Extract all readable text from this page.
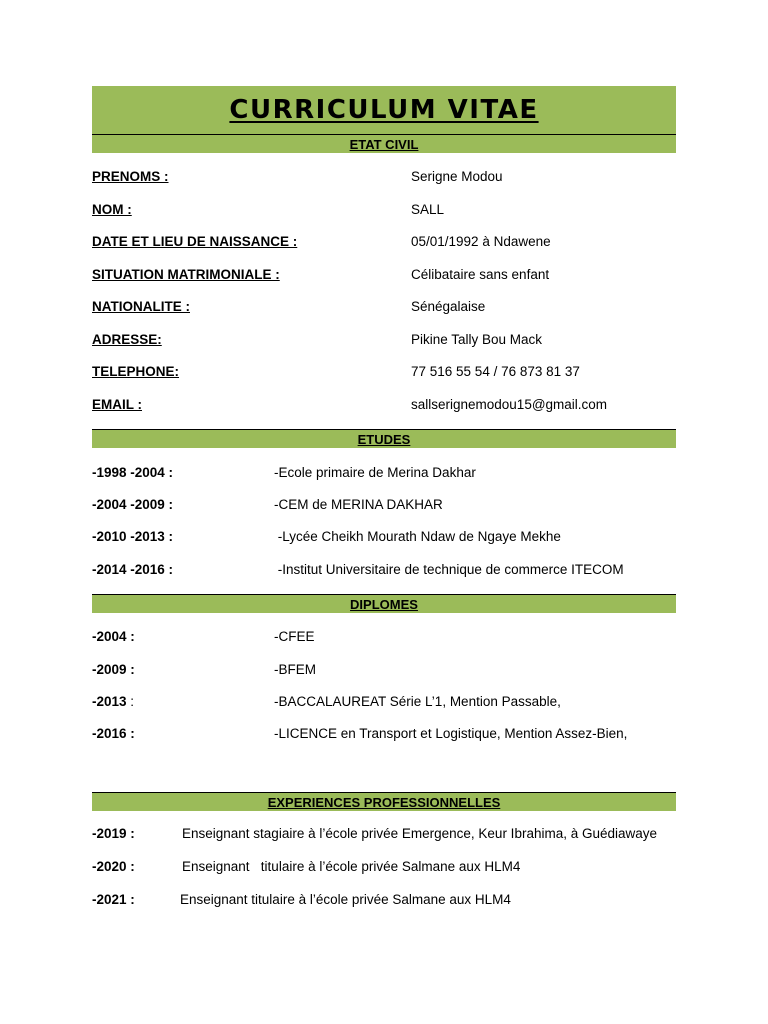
CURRICULUM VITAE
ETAT CIVIL
PRENOMS :	Serigne Modou
NOM :	SALL
DATE ET LIEU DE NAISSANCE :	05/01/1992 à Ndawene
SITUATION MATRIMONIALE :	Célibataire sans enfant
NATIONALITE :	Sénégalaise
ADRESSE:	Pikine Tally Bou Mack
TELEPHONE:	77 516 55 54 / 76 873 81 37
EMAIL :	sallserignemodou15@gmail.com
ETUDES
-1998 -2004 :	-Ecole primaire de Merina Dakhar
-2004 -2009 :	-CEM de MERINA DAKHAR
-2010 -2013 :	-Lycée Cheikh Mourath Ndaw de Ngaye Mekhe
-2014 -2016 :	-Institut Universitaire de technique de commerce ITECOM
DIPLOMES
-2004 :	-CFEE
-2009 :	-BFEM
-2013 :	-BACCALAUREAT Série L’1, Mention Passable,
-2016 :	-LICENCE en Transport et Logistique, Mention Assez-Bien,
EXPERIENCES PROFESSIONNELLES
-2019 :	Enseignant stagiaire à l’école privée Emergence, Keur Ibrahima, à Guédiawaye
-2020 :	Enseignant   titulaire à l’école privée Salmane aux HLM4
-2021 :	Enseignant titulaire à l’école privée Salmane aux HLM4
